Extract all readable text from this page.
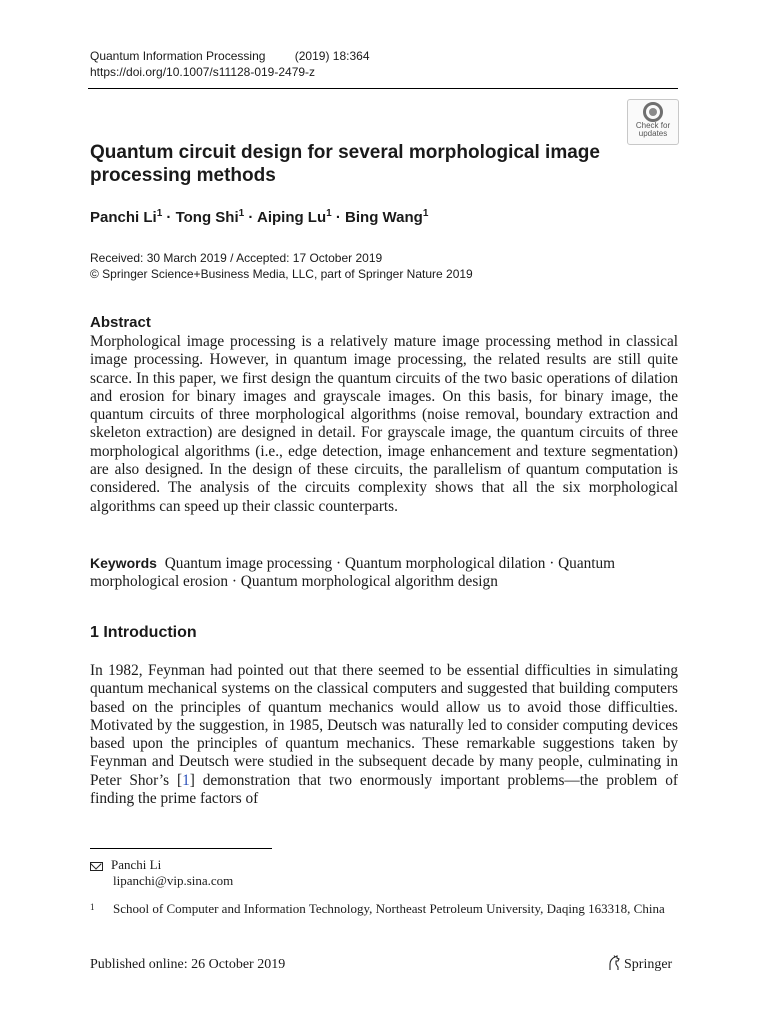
Quantum Information Processing (2019) 18:364
https://doi.org/10.1007/s11128-019-2479-z
Check for
updates
Quantum circuit design for several morphological image processing methods
Panchi $Li^1$ · Tong Shi$^1$ · Aiping $Lu^1$ · Bing Wang$^1$
Received: 30 March 2019 / Accepted: 17 October 2019
© Springer Science+Business Media, LLC, part of Springer Nature 2019
Abstract
Morphological image processing is a relatively mature image processing method in classical image processing. However, in quantum image processing, the related results are still quite scarce. In this paper, we first design the quantum circuits of the two basic operations of dilation and erosion for binary images and grayscale images. On this basis, for binary image, the quantum circuits of three morphological algorithms (noise removal, boundary extraction and skeleton extraction) are designed in detail. For grayscale image, the quantum circuits of three morphological algorithms (i.e., edge detection, image enhancement and texture segmentation) are also designed. In the design of these circuits, the parallelism of quantum computation is considered. The analysis of the circuits complexity shows that all the six morphological algorithms can speed up their classic counterparts.
Keywords Quantum image processing · Quantum morphological dilation · Quantum morphological erosion · Quantum morphological algorithm design
1 Introduction
In 1982, Feynman had pointed out that there seemed to be essential difficulties in simulating quantum mechanical systems on the classical computers and suggested that building computers based on the principles of quantum mechanics would allow us to avoid those difficulties. Motivated by the suggestion, in 1985, Deutsch was naturally led to consider computing devices based upon the principles of quantum mechanics. These remarkable suggestions taken by Feynman and Deutsch were studied in the subsequent decade by many people, culminating in Peter Shor’s [1] demonstration that two enormously important problems—the problem of finding the prime factors of
Panchi Li
lipanchi@vip.sina.com
1	School of Computer and Information Technology, Northeast Petroleum University, Daqing 163318, China
Published online: 26 October 2019	Springer
